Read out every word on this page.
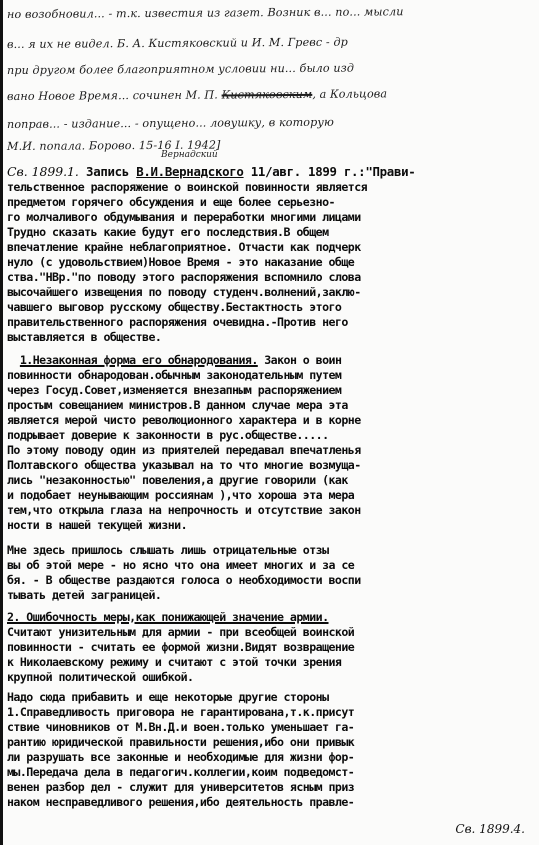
но возобновил... - т.к. известия из газет. Возник в... по... мысли
в... я их не видел. Б. А. Кистяковский и И. М. Гревс - др
при другом более благоприятном условии ни... было изд
вано Новое Время... сочинен М. П. Кистяковским, а Кольцова
поправ... - издание... - опущено... ловушку, в которую
М.И. попала. Борово. 15-16 I. 1942]
Вернадский
Св. 1899.1. Запись В.И.Вернадского 11/авг. 1899 г.:"Прави-
тельственное распоряжение о воинской повинности является
предметом горячего обсуждения и еще более серьезно-
го молчаливого обдумывания и переработки многими лицами
Трудно сказать какие будут его последствия.В общем
впечатление крайне неблагоприятное. Отчасти как подчерк
нуло (с удовольствием)Новое Время - это наказание обще
ства."НВр."по поводу этого распоряжения вспомнило слова
высочайшего извещения по поводу студенч.волнений,заклю-
чавшего выговор русскому обществу.Бестактность этого
правительственного распоряжения очевидна.-Против него
выставляется в обществе.
1.Незаконная форма его обнародования. Закон о воин
повинности обнародован.обычным законодательным путем
через Госуд.Совет,изменяется внезапным распоряжением
простым совещанием министров.В данном случае мера эта
является мерой чисто революционного характера и в корне
подрывает доверие к законности в рус.обществе.....
По этому поводу один из приятелей передавал впечатленья
Полтавского общества указывал на то что многие возмуща-
лись "незаконностью" повеления,а другие говорили (как
и подобает неунывающим россиянам ),что хороша эта мера
тем,что открыла глаза на непрочность и отсутствие закон
ности в нашей текущей жизни.
Мне здесь пришлось слышать лишь отрицательные отзы
вы об этой мере - но ясно что она имеет многих и за се
бя. - В обществе раздаются голоса о необходимости воспи
тывать детей заграницей.
2. Ошибочность меры,как понижающей значение армии.
Считают унизительным для армии - при всеобщей воинской
повинности - считать ее формой жизни.Видят возвращение
к Николаевскому режиму и считают с этой точки зрения
крупной политической ошибкой.
Надо сюда прибавить и еще некоторые другие стороны
1.Справедливость приговора не гарантирована,т.к.присут
ствие чиновников от М.Вн.Д.и воен.только уменьшает га-
рантию юридической правильности решения,ибо они привык
ли разрушать все законные и необходимые для жизни фор-
мы.Передача дела в педагогич.коллегии,коим подведомст-
венен разбор дел - служит для университетов ясным приз
наком несправедливого решения,ибо деятельность правле-
Св. 1899.4.
